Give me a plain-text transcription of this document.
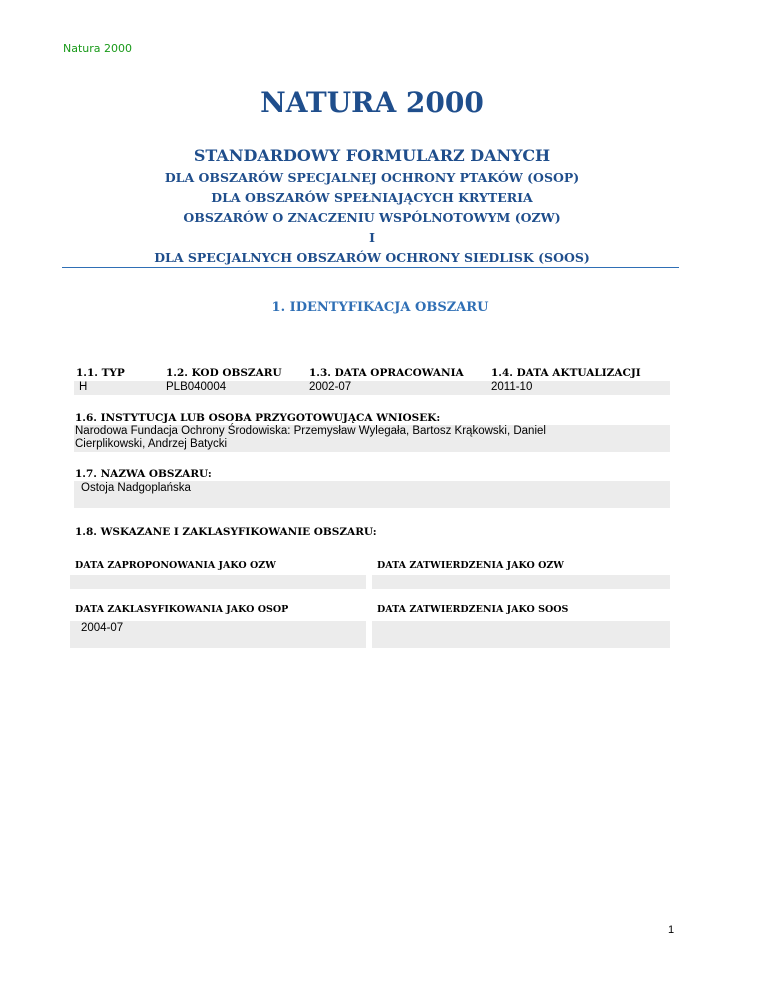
Natura 2000
NATURA 2000
STANDARDOWY FORMULARZ DANYCH
DLA OBSZARÓW SPECJALNEJ OCHRONY PTAKÓW (OSOP)
DLA OBSZARÓW SPEŁNIAJĄCYCH KRYTERIA
OBSZARÓW O ZNACZENIU WSPÓLNOTOWYM (OZW)
I
DLA SPECJALNYCH OBSZARÓW OCHRONY SIEDLISK (SOOS)
1. IDENTYFIKACJA OBSZARU
1.1. TYP
H
1.2. KOD OBSZARU
PLB040004
1.3. DATA OPRACOWANIA
2002-07
1.4. DATA AKTUALIZACJI
2011-10
1.6. INSTYTUCJA LUB OSOBA PRZYGOTOWUJĄCA WNIOSEK:
Narodowa Fundacja Ochrony Środowiska: Przemysław Wylegała, Bartosz Krąkowski, Daniel
Cierplikowski, Andrzej Batycki
1.7. NAZWA OBSZARU:
Ostoja Nadgoplańska
1.8. WSKAZANE I ZAKLASYFIKOWANIE OBSZARU:
DATA ZAPROPONOWANIA JAKO OZW	DATA ZATWIERDZENIA JAKO OZW
DATA ZAKLASYFIKOWANIA JAKO OSOP	DATA ZATWIERDZENIA JAKO SOOS
2004-07
1
